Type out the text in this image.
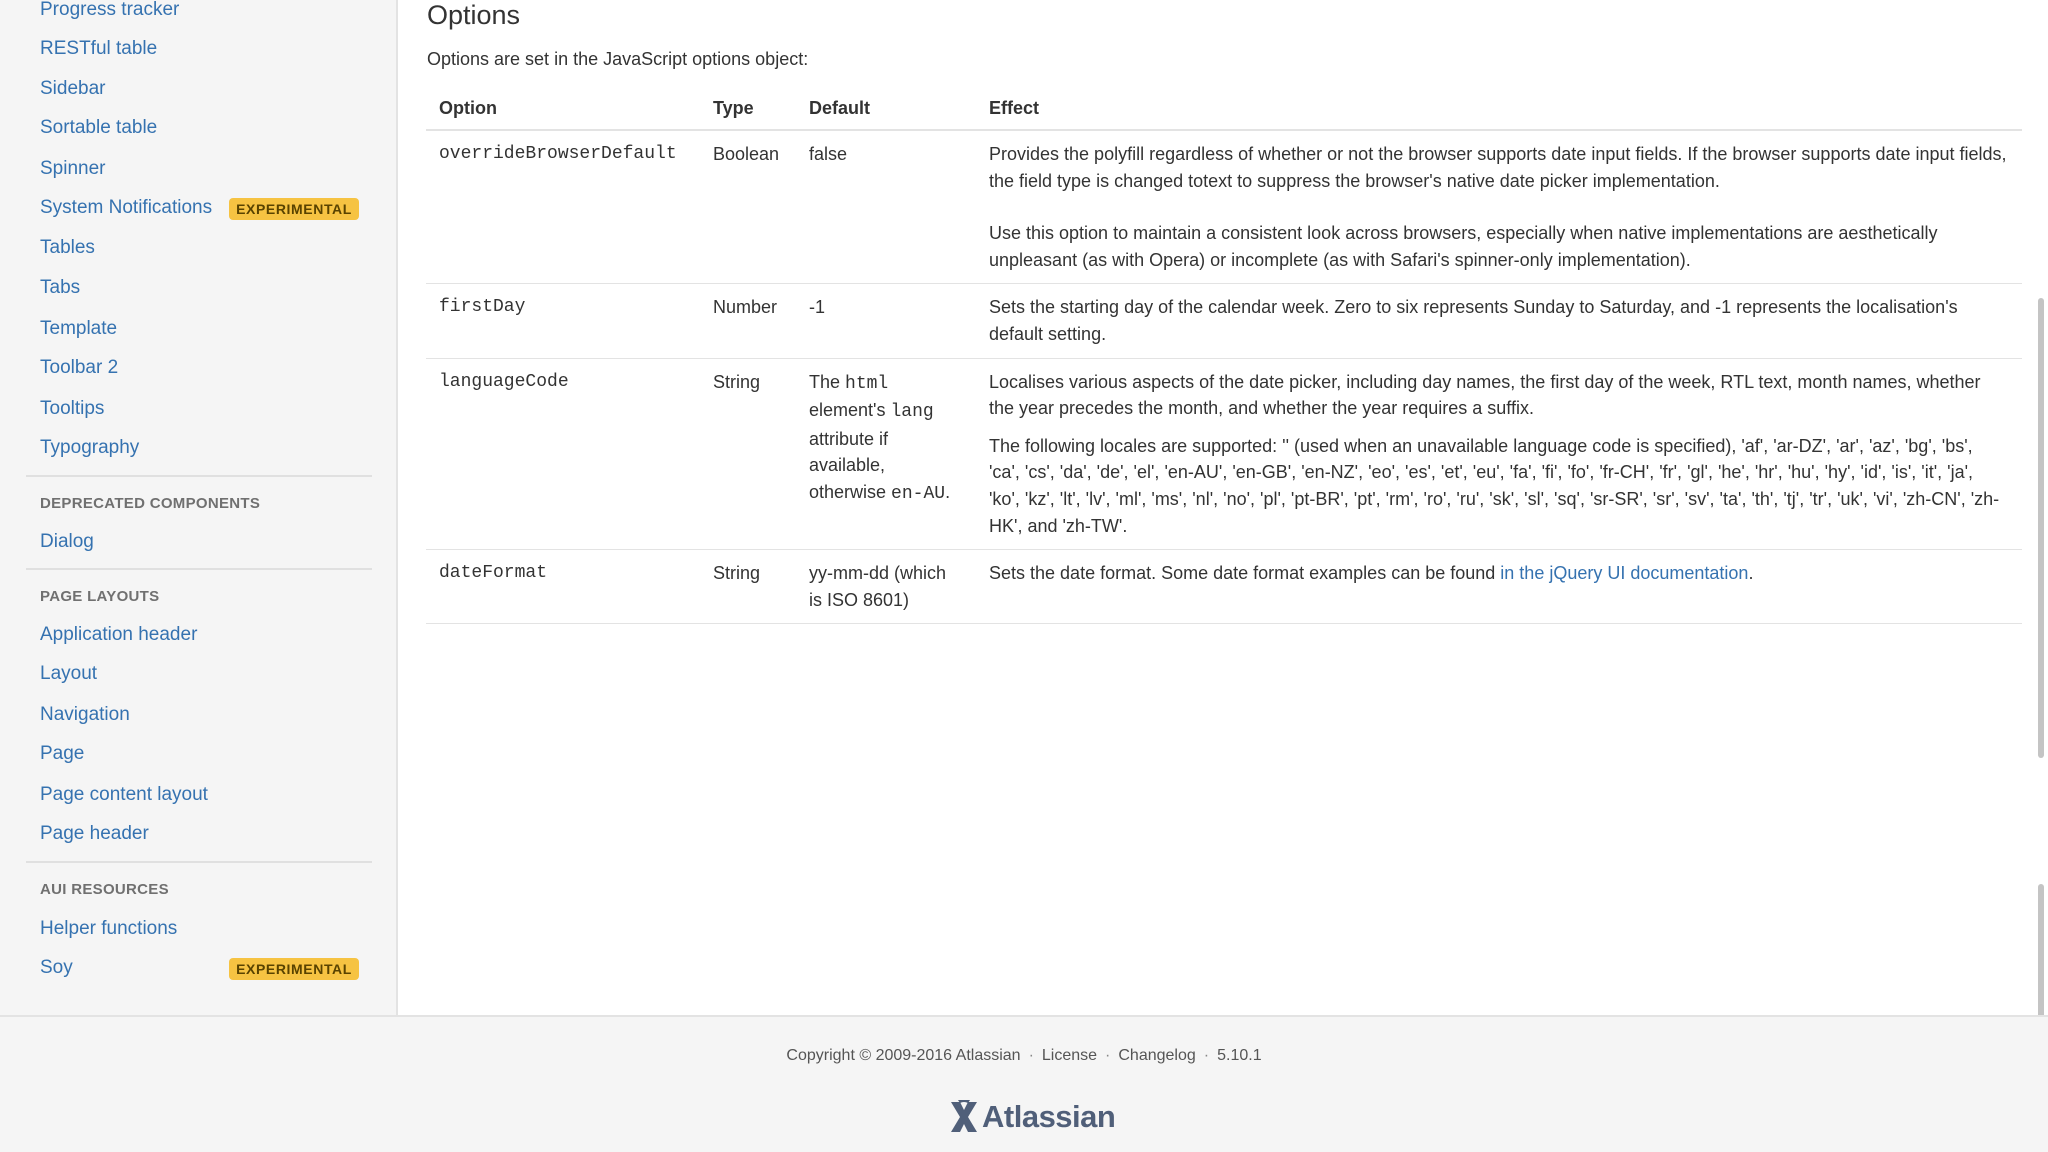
Progress tracker
RESTful table
Sidebar
Sortable table
Spinner
System Notifications	EXPERIMENTAL
Tables
Tabs
Template
Toolbar 2
Tooltips
Typography
DEPRECATED COMPONENTS
Dialog
PAGE LAYOUTS
Application header
Layout
Navigation
Page
Page content layout
Page header
AUI RESOURCES
Helper functions
Soy	EXPERIMENTAL
Options

Options are set in the JavaScript options object:

Option	Type	Default	Effect
overrideBrowserDefault	Boolean	false	Provides the polyfill regardless of whether or not the browser supports date input fields. If the browser supports date input fields, the field type is changed totext to suppress the browser's native date picker implementation.

Use this option to maintain a consistent look across browsers, especially when native implementations are aesthetically unpleasant (as with Opera) or incomplete (as with Safari's spinner-only implementation).

firstDay	Number	-1	Sets the starting day of the calendar week. Zero to six represents Sunday to Saturday, and -1 represents the localisation's default setting.

languageCode	String	The html element's lang attribute if available, otherwise en-AU.	Localises various aspects of the date picker, including day names, the first day of the week, RTL text, month names, whether the year precedes the month, and whether the year requires a suffix.

The following locales are supported: '' (used when an unavailable language code is specified), 'af', 'ar-DZ', 'ar', 'az', 'bg', 'bs', 'ca', 'cs', 'da', 'de', 'el', 'en-AU', 'en-GB', 'en-NZ', 'eo', 'es', 'et', 'eu', 'fa', 'fi', 'fo', 'fr-CH', 'fr', 'gl', 'he', 'hr', 'hu', 'hy', 'id', 'is', 'it', 'ja', 'ko', 'kz', 'lt', 'lv', 'ml', 'ms', 'nl', 'no', 'pl', 'pt-BR', 'pt', 'rm', 'ro', 'ru', 'sk', 'sl', 'sq', 'sr-SR', 'sr', 'sv', 'ta', 'th', 'tj', 'tr', 'uk', 'vi', 'zh-CN', 'zh-HK', and 'zh-TW'.

dateFormat	String	yy-mm-dd (which is ISO 8601)	Sets the date format. Some date format examples can be found in the jQuery UI documentation.
Copyright © 2009-2016 Atlassian · License · Changelog · 5.10.1
Atlassian
